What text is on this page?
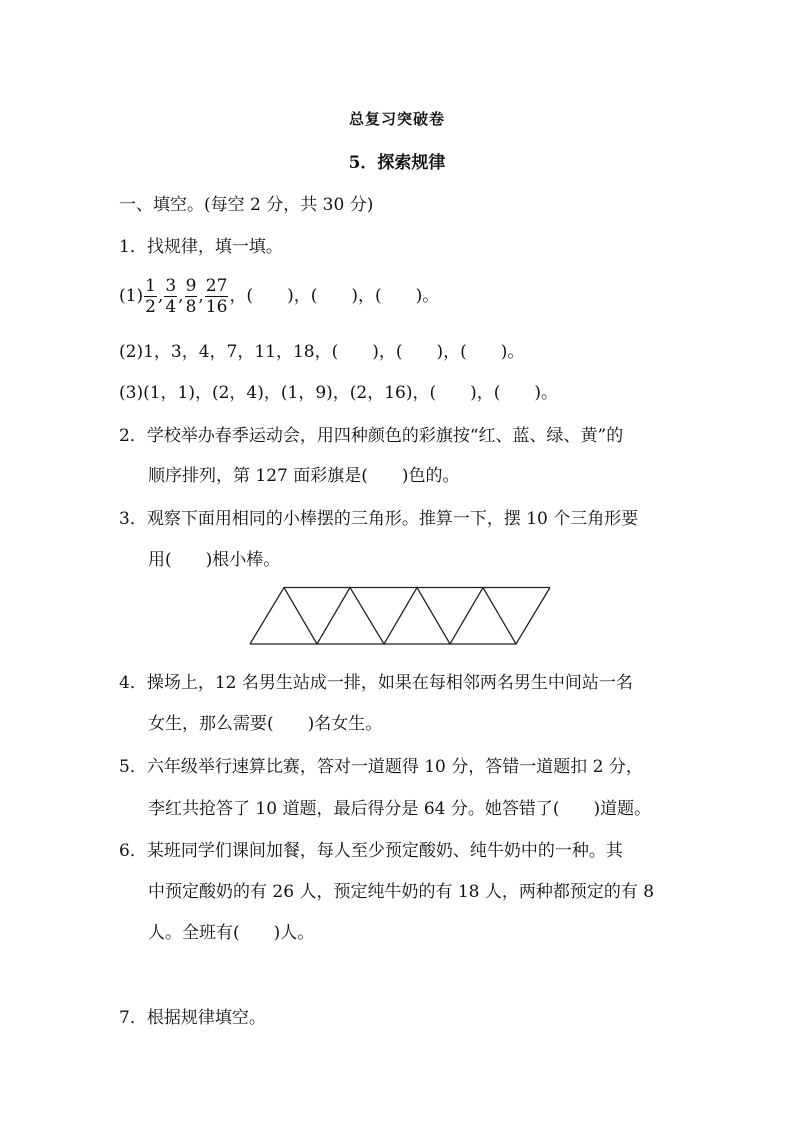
总复习突破卷
5．探索规律
一、填空。(每空 2 分，共 30 分)
1．找规律，填一填。
$(1) \frac{1}{2}$ , $\frac{3}{4}$ , $\frac{9}{8}$ , $\frac{27}{16}$ ，(　　)，(　　)，(　　)。
(2)1，3，4，7，11，18，(　　)，(　　)，(　　)。
(3)(1，1)，(2，4)，(1，9)，(2，16)，(　　)，(　　)。
2．学校举办春季运动会，用四种颜色的彩旗按“红、蓝、绿、黄”的
顺序排列，第 127 面彩旗是(　　)色的。
3．观察下面用相同的小棒摆的三角形。推算一下，摆 10 个三角形要
用(　　)根小棒。
4．操场上，12 名男生站成一排，如果在每相邻两名男生中间站一名
女生，那么需要(　　)名女生。
5．六年级举行速算比赛，答对一道题得 10 分，答错一道题扣 2 分，
李红共抢答了 10 道题，最后得分是 64 分。她答错了(　　)道题。
6．某班同学们课间加餐，每人至少预定酸奶、纯牛奶中的一种。其
中预定酸奶的有 26 人，预定纯牛奶的有 18 人，两种都预定的有 8
人。全班有(　　)人。
7．根据规律填空。
